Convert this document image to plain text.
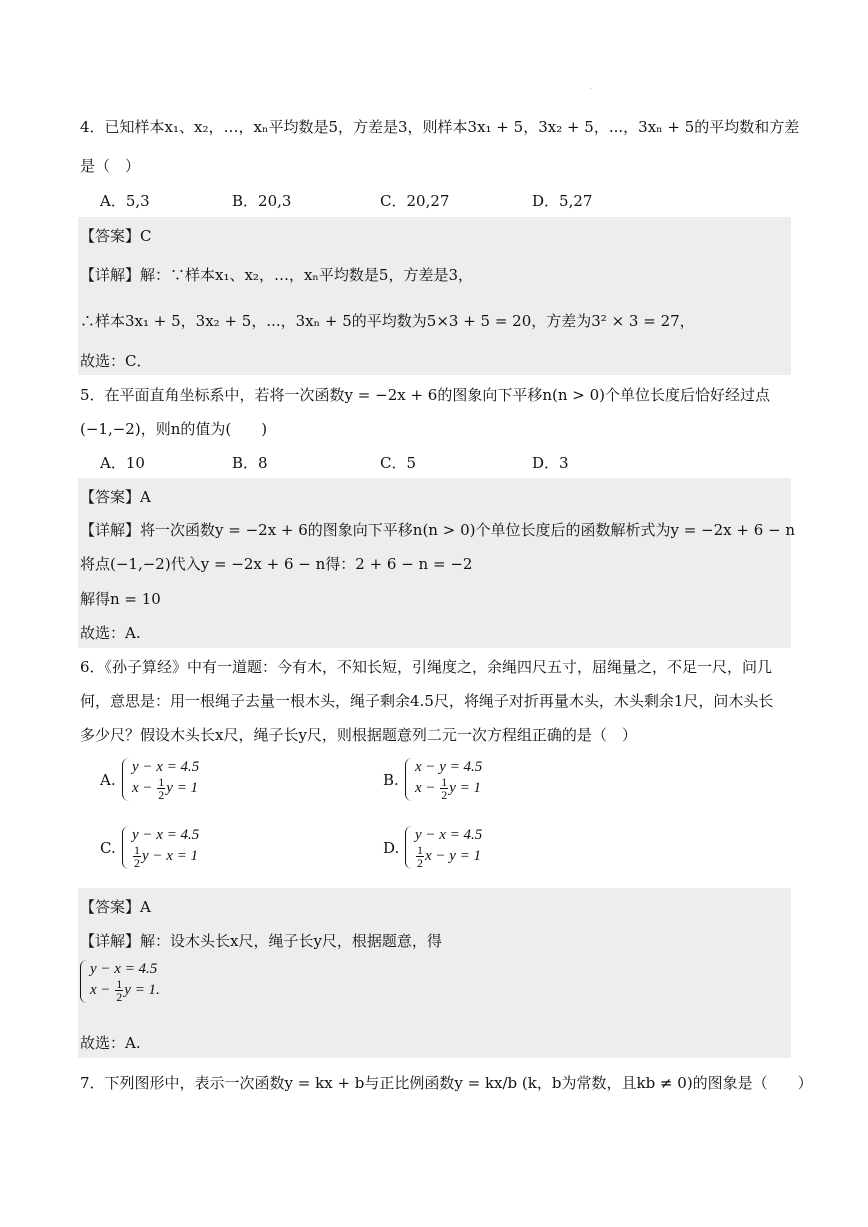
·
4．已知样本x₁、x₂，…，xₙ平均数是5，方差是3，则样本3x₁ + 5，3x₂ + 5，...，3xₙ + 5的平均数和方差
是（　）
A．5,3	B．20,3	C．20,27	D．5,27
【答案】C
【详解】解：∵样本x₁、x₂，…，xₙ平均数是5，方差是3，
∴样本3x₁ + 5，3x₂ + 5，...，3xₙ + 5的平均数为5×3 + 5 = 20，方差为3² × 3 = 27，
故选：C．
5．在平面直角坐标系中，若将一次函数y = −2x + 6的图象向下平移n(n > 0)个单位长度后恰好经过点
(−1,−2)，则n的值为(　　)
A．10	B．8	C．5	D．3
【答案】A
【详解】将一次函数y = −2x + 6的图象向下平移n(n > 0)个单位长度后的函数解析式为y = −2x + 6 − n
将点(−1,−2)代入y = −2x + 6 − n得：2 + 6 − n = −2
解得n = 10
故选：A.
6．《孙子算经》中有一道题：今有木，不知长短，引绳度之，余绳四尺五寸，屈绳量之，不足一尺，问几
何，意思是：用一根绳子去量一根木头，绳子剩余4.5尺，将绳子对折再量木头，木头剩余1尺，问木头长
多少尺？假设木头长x尺，绳子长y尺，则根据题意列二元一次方程组正确的是（　）
A.
y − x = 4.5
$x - \frac{1}{2}$ y = 1	B.
x − y = 4.5
$x - \frac{1}{2}$ y = 1
C.
y − x = 4.5
$\frac{1}{2}$ y − x = 1	D.
y − x = 4.5
$\frac{1}{2}$ x − y = 1
【答案】A
【详解】解：设木头长x尺，绳子长y尺，根据题意，得
y − x = 4.5
$x - \frac{1}{2}$ y = 1.
故选：A.
7．下列图形中，表示一次函数y = kx + b与正比例函数y = kx/b (k，b为常数，且kb ≠ 0)的图象是（　　）
